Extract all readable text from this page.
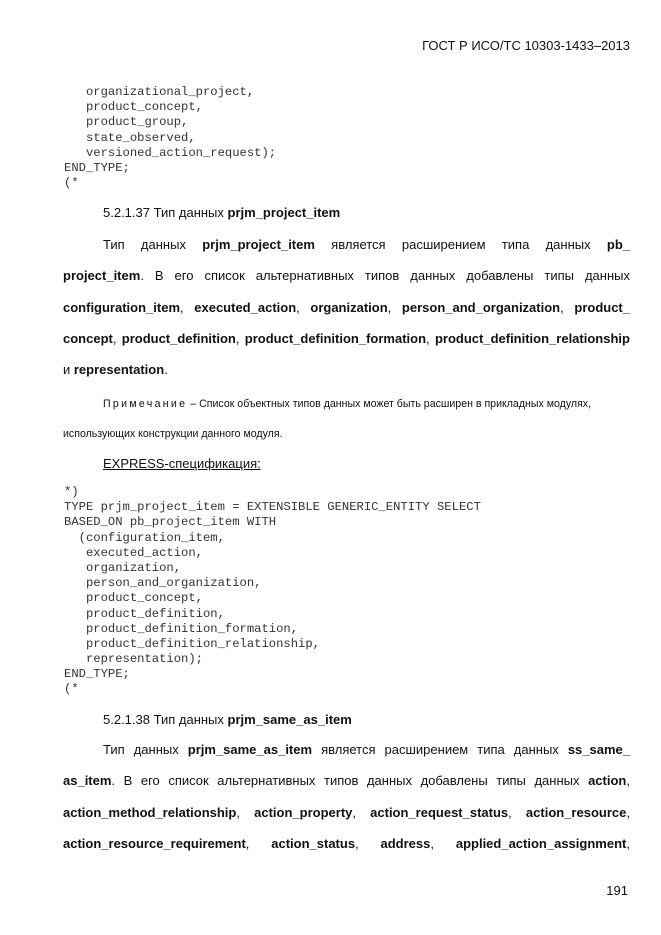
ГОСТ Р ИСО/ТС 10303-1433–2013
organizational_project,
product_concept,
product_group,
state_observed,
versioned_action_request);
END_TYPE;
(*
5.2.1.37 Тип данных prjm_project_item
Тип данных prjm_project_item является расширением типа данных pb_
project_item. В его список альтернативных типов данных добавлены типы данных
configuration_item, executed_action, organization, person_and_organization, product_
concept, product_definition, product_definition_formation, product_definition_relationship
и representation.
Примечание – Список объектных типов данных может быть расширен в прикладных модулях,
использующих конструкции данного модуля.
EXPRESS-спецификация:
*)
TYPE prjm_project_item = EXTENSIBLE GENERIC_ENTITY SELECT
BASED_ON pb_project_item WITH
(configuration_item,
executed_action,
organization,
person_and_organization,
product_concept,
product_definition,
product_definition_formation,
product_definition_relationship,
representation);
END_TYPE;
(*
5.2.1.38 Тип данных prjm_same_as_item
Тип данных prjm_same_as_item является расширением типа данных ss_same_
as_item. В его список альтернативных типов данных добавлены типы данных action,
action_method_relationship, action_property, action_request_status, action_resource,
action_resource_requirement, action_status, address, applied_action_assignment,
191
